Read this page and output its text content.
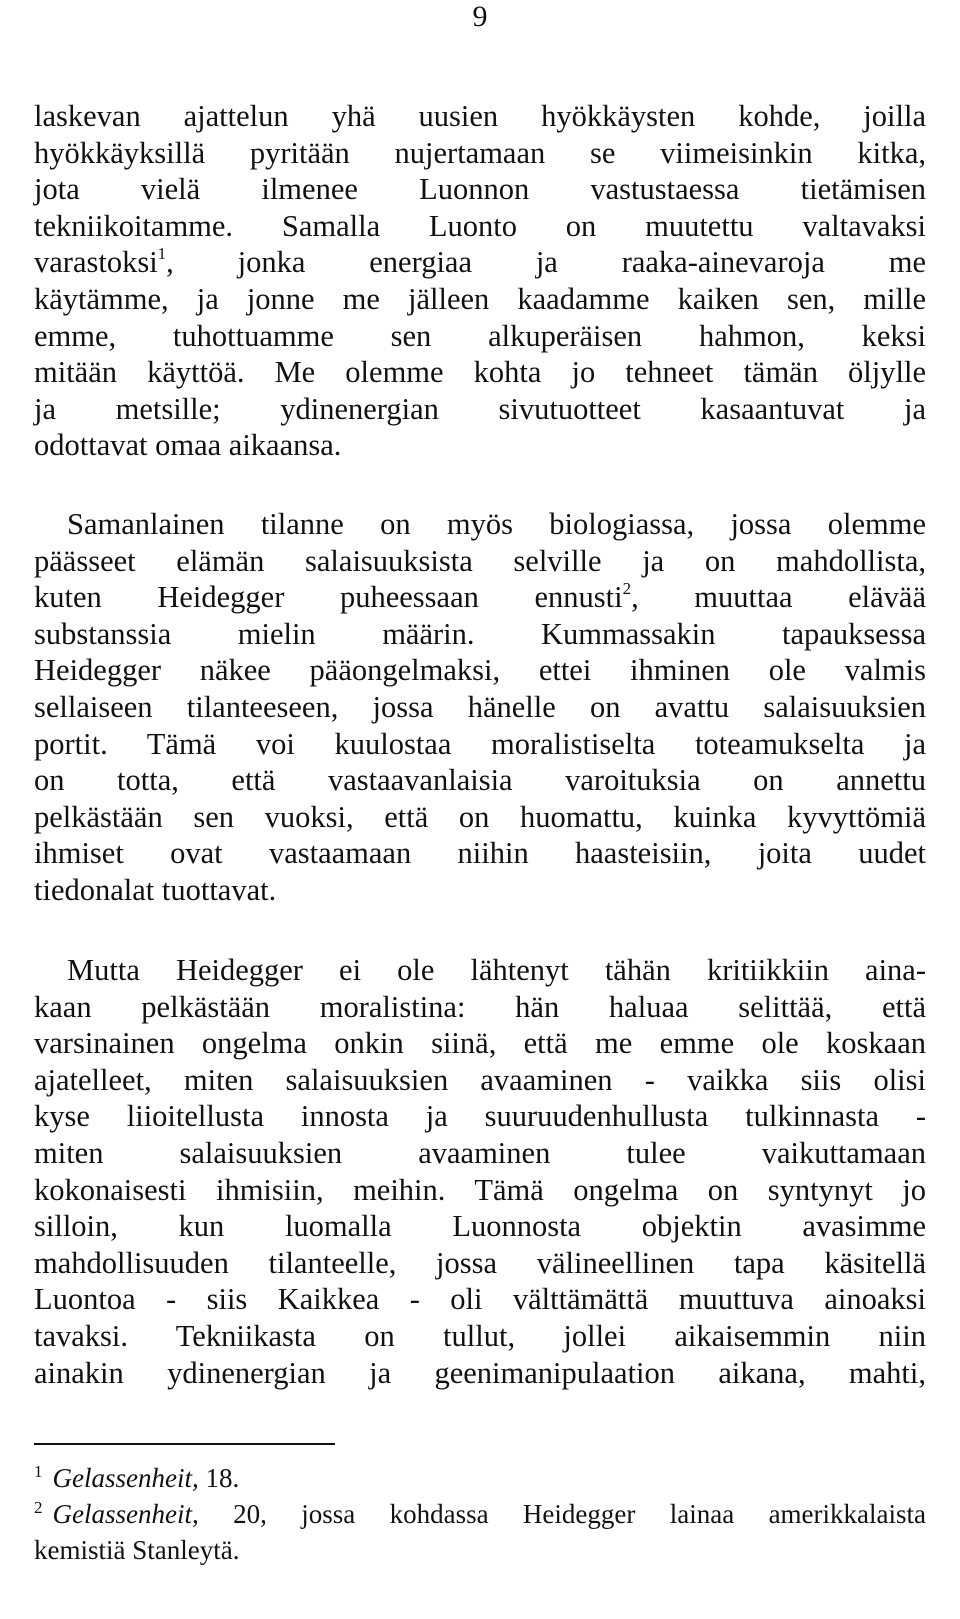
9
laskevan ajattelun yhä uusien hyökkäysten kohde, joilla
hyökkäyksillä pyritään nujertamaan se viimeisinkin kitka,
jota vielä ilmenee Luonnon vastustaessa tietämisen
tekniikoitamme. Samalla Luonto on muutettu valtavaksi
varastoksi$^1$, jonka energiaa ja raaka-ainevaroja me
käytämme, ja jonne me jälleen kaadamme kaiken sen, mille
emme, tuhottuamme sen alkuperäisen hahmon, keksi
mitään käyttöä. Me olemme kohta jo tehneet tämän öljylle
ja metsille; ydinenergian sivutuotteet kasaantuvat ja
odottavat omaa aikaansa.
Samanlainen tilanne on myös biologiassa, jossa olemme
päässeet elämän salaisuuksista selville ja on mahdollista,
kuten Heidegger puheessaan ennusti$^2$, muuttaa elävää
substanssia mielin määrin. Kummassakin tapauksessa
Heidegger näkee pääongelmaksi, ettei ihminen ole valmis
sellaiseen tilanteeseen, jossa hänelle on avattu salaisuuksien
portit. Tämä voi kuulostaa moralistiselta toteamukselta ja
on totta, että vastaavanlaisia varoituksia on annettu
pelkästään sen vuoksi, että on huomattu, kuinka kyvyttömiä
ihmiset ovat vastaamaan niihin haasteisiin, joita uudet
tiedonalat tuottavat.
Mutta Heidegger ei ole lähtenyt tähän kritiikkiin aina-
kaan pelkästään moralistina: hän haluaa selittää, että
varsinainen ongelma onkin siinä, että me emme ole koskaan
ajatelleet, miten salaisuuksien avaaminen - vaikka siis olisi
kyse liioitellusta innosta ja suuruudenhullusta tulkinnasta -
miten salaisuuksien avaaminen tulee vaikuttamaan
kokonaisesti ihmisiin, meihin. Tämä ongelma on syntynyt jo
silloin, kun luomalla Luonnosta objektin avasimme
mahdollisuuden tilanteelle, jossa välineellinen tapa käsitellä
Luontoa - siis Kaikkea - oli välttämättä muuttuva ainoaksi
tavaksi. Tekniikasta on tullut, jollei aikaisemmin niin
ainakin ydinenergian ja geenimanipulaation aikana, mahti,
$^1$ Gelassenheit, 18.
$^2$ Gelassenheit, 20, jossa kohdassa Heidegger lainaa amerikkalaista
kemistiä Stanleytä.
